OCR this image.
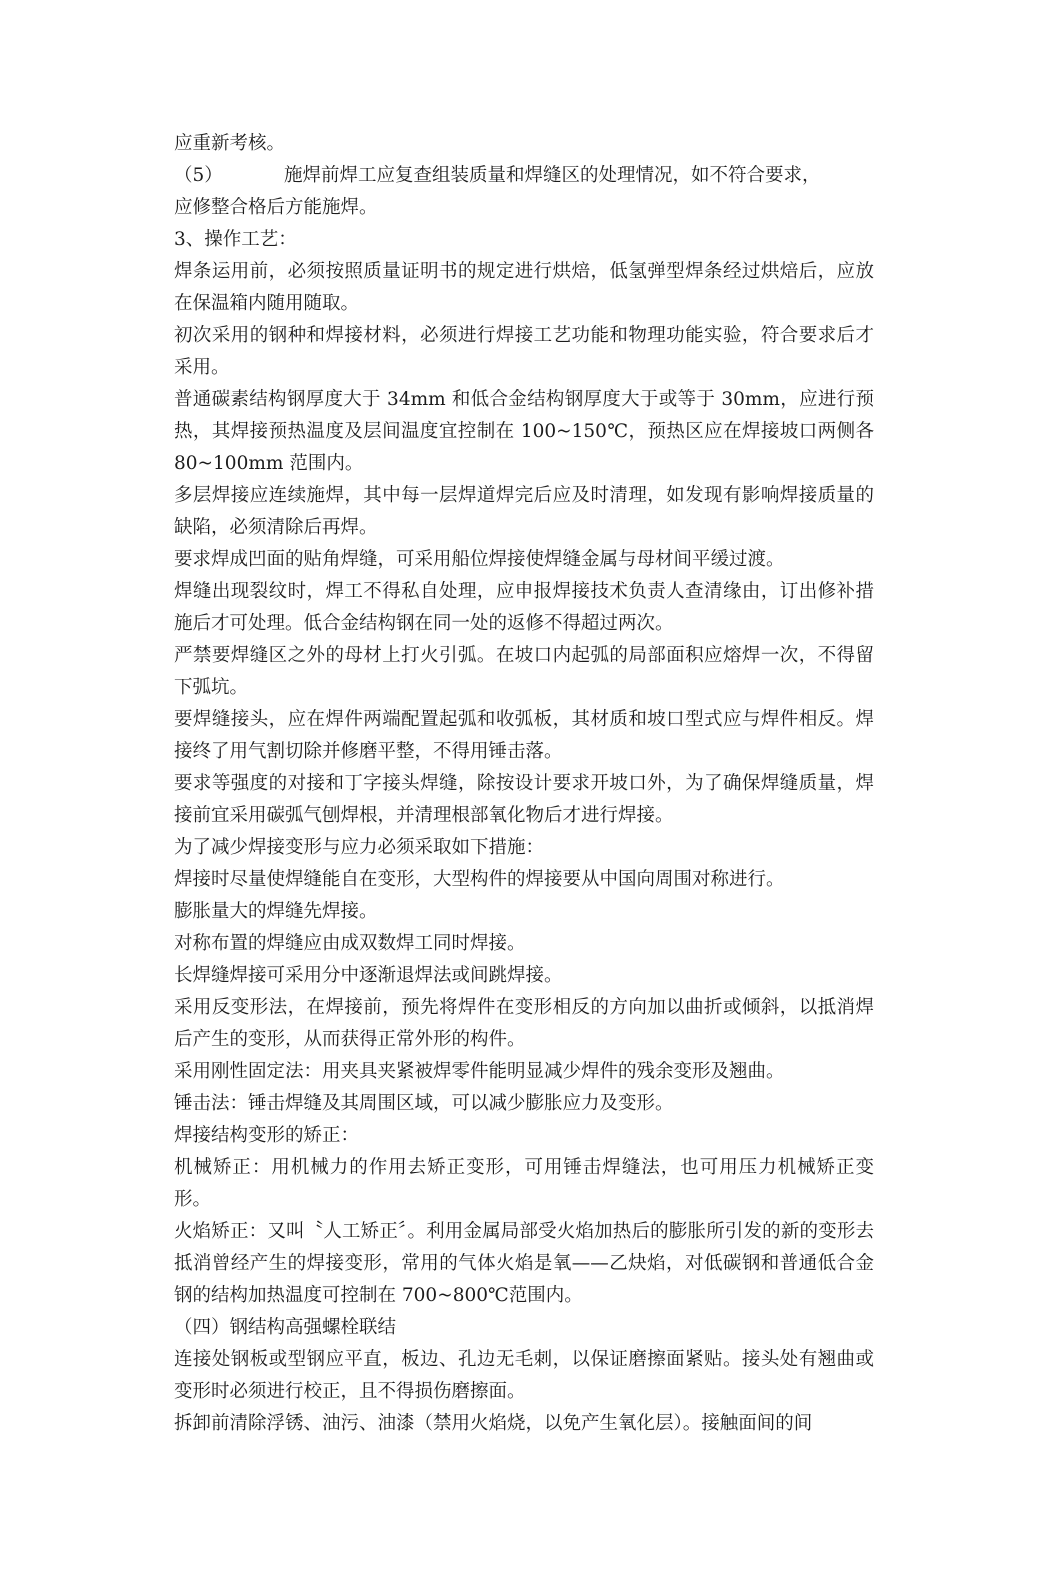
应重新考核。

（5）	施焊前焊工应复查组装质量和焊缝区的处理情况，如不符合要求，

应修整合格后方能施焊。

3、操作工艺：

焊条运用前，必须按照质量证明书的规定进行烘焙，低氢弹型焊条经过烘焙后，应放在保温箱内随用随取。

初次采用的钢种和焊接材料，必须进行焊接工艺功能和物理功能实验，符合要求后才采用。

普通碳素结构钢厚度大于 34mm 和低合金结构钢厚度大于或等于 30mm，应进行预热，其焊接预热温度及层间温度宜控制在 100~150℃，预热区应在焊接坡口两侧各 80~100mm 范围内。

多层焊接应连续施焊，其中每一层焊道焊完后应及时清理，如发现有影响焊接质量的缺陷，必须清除后再焊。

要求焊成凹面的贴角焊缝，可采用船位焊接使焊缝金属与母材间平缓过渡。

焊缝出现裂纹时，焊工不得私自处理，应申报焊接技术负责人查清缘由，订出修补措施后才可处理。低合金结构钢在同一处的返修不得超过两次。

严禁要焊缝区之外的母材上打火引弧。在坡口内起弧的局部面积应熔焊一次，不得留下弧坑。

要焊缝接头，应在焊件两端配置起弧和收弧板，其材质和坡口型式应与焊件相反。焊接终了用气割切除并修磨平整，不得用锤击落。

要求等强度的对接和丁字接头焊缝，除按设计要求开坡口外，为了确保焊缝质量，焊接前宜采用碳弧气刨焊根，并清理根部氧化物后才进行焊接。

为了减少焊接变形与应力必须采取如下措施：

焊接时尽量使焊缝能自在变形，大型构件的焊接要从中国向周围对称进行。

膨胀量大的焊缝先焊接。

对称布置的焊缝应由成双数焊工同时焊接。

长焊缝焊接可采用分中逐渐退焊法或间跳焊接。

采用反变形法，在焊接前，预先将焊件在变形相反的方向加以曲折或倾斜，以抵消焊后产生的变形，从而获得正常外形的构件。

采用刚性固定法：用夹具夹紧被焊零件能明显减少焊件的残余变形及翘曲。

锤击法：锤击焊缝及其周围区域，可以减少膨胀应力及变形。

焊接结构变形的矫正：

机械矫正：用机械力的作用去矫正变形，可用锤击焊缝法，也可用压力机械矫正变形。

火焰矫正：又叫〝人工矫正〞。利用金属局部受火焰加热后的膨胀所引发的新的变形去抵消曾经产生的焊接变形，常用的气体火焰是氧——乙炔焰，对低碳钢和普通低合金钢的结构加热温度可控制在 700~800℃范围内。

（四）钢结构高强螺栓联结

连接处钢板或型钢应平直，板边、孔边无毛刺，以保证磨擦面紧贴。接头处有翘曲或变形时必须进行校正，且不得损伤磨擦面。

拆卸前清除浮锈、油污、油漆（禁用火焰烧，以免产生氧化层）。接触面间的间
